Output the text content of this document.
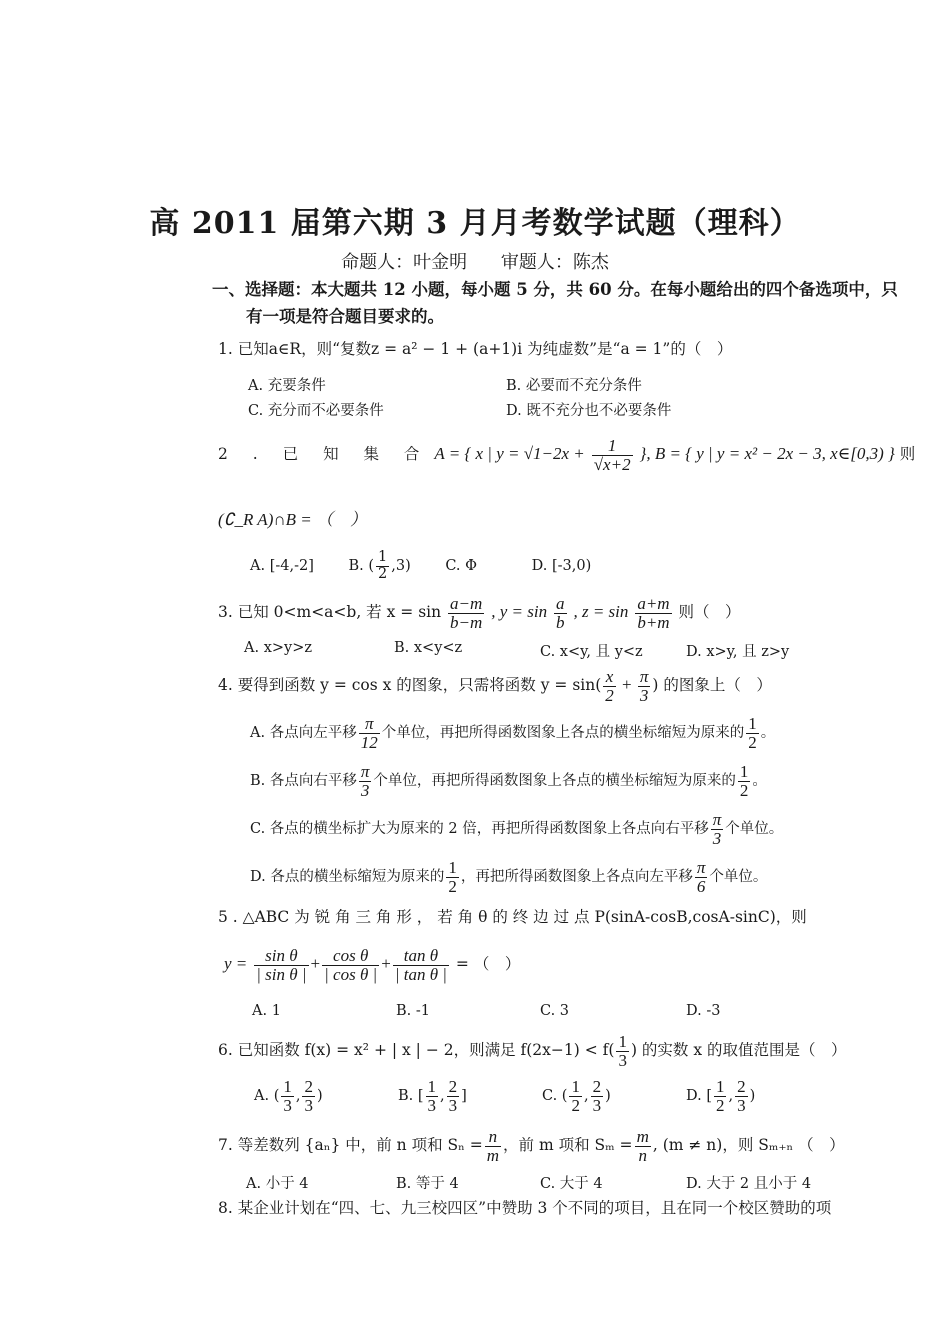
高 2011 届第六期 3 月月考数学试题（理科）
命题人：叶金明 审题人：陈杰
一、选择题：本大题共 12 小题，每小题 5 分，共 60 分。在每小题给出的四个备选项中，只
有一项是符合题目要求的。
1. 已知a∈R，则“复数z = a² − 1 + (a+1)i 为纯虚数”是“a = 1”的（　）
A. 充要条件	B. 必要而不充分条件
C. 充分而不必要条件	D. 既不充分也不必要条件
2 . 已 知 集 合 A = { x | $y = √1-2x + \frac{1}{√x+2}$ }, B = { y | y = x² − 2x − 3, x∈[0,3) } 则
(∁_R A)∩B = （　）
A. [-4,-2] B. ( $\frac{1}{2} ,3$) C. Φ	D. [-3,0)
3. 已知 0<m<a<b, 若 $x = \sin \frac{a-m}{b-m}$ , $y = \sin \frac{a}{b}$ , $z = \sin \frac{a+m}{b+m}$ 则（　）
A. x>y>z	B. x<y<z	C. x<y, 且 y<z	D. x>y, 且 z>y
4. 要得到函数 y = cos x 的图象，只需将函数 $y = \sin( \frac{x}{2} + \frac{\pi}{3}$ ) 的图象上（　）
A. 各点向左平移 $\frac{\pi}{12}$ 个单位，再把所得函数图象上各点的横坐标缩短为原来的 $\frac{1}{2}$ 。
B. 各点向右平移 $\frac{\pi}{3}$ 个单位，再把所得函数图象上各点的横坐标缩短为原来的 $\frac{1}{2}$ 。
C. 各点的横坐标扩大为原来的 2 倍，再把所得函数图象上各点向右平移 $\frac{\pi}{3}$ 个单位。
D. 各点的横坐标缩短为原来的 $\frac{1}{2}$ ，再把所得函数图象上各点向左平移 $\frac{\pi}{6}$ 个单位。
5 . △ABC 为 锐 角 三 角 形 ， 若 角 θ 的 终 边 过 点 P(sinA-cosB,cosA-sinC)，则
$y = \frac{\text{sin θ}}{\text{| sin θ |}} + \frac{\text{cos θ}}{\text{| cos θ |}} + \frac{\text{tan θ}}{\text{| tan θ |}}$ = （　）
A. 1	B. -1	C. 3	D. -3
6. 已知函数 f(x) = x² + | x | − 2，则满足 $f(2x-1) < f( \frac{1}{3}$ ) 的实数 x 的取值范围是（　）
A. ( $\frac{1}{3}$ , $\frac{2}{3}$ )	B. [ $\frac{1}{3}$ , $\frac{2}{3}$ ]	C. ( $\frac{1}{2}$ , $\frac{2}{3}$ )	D. [ $\frac{1}{2}$ , $\frac{2}{3}$ )
7. 等差数列 {aₙ} 中，前 n 项和 $S_n = \frac{n}{m}$ ，前 m 项和 $S_m = \frac{m}{n}$ , (m ≠ n)，则 Sₘ₊ₙ （　）
A. 小于 4	B. 等于 4	C. 大于 4	D. 大于 2 且小于 4
8. 某企业计划在“四、七、九三校四区”中赞助 3 个不同的项目，且在同一个校区赞助的项
